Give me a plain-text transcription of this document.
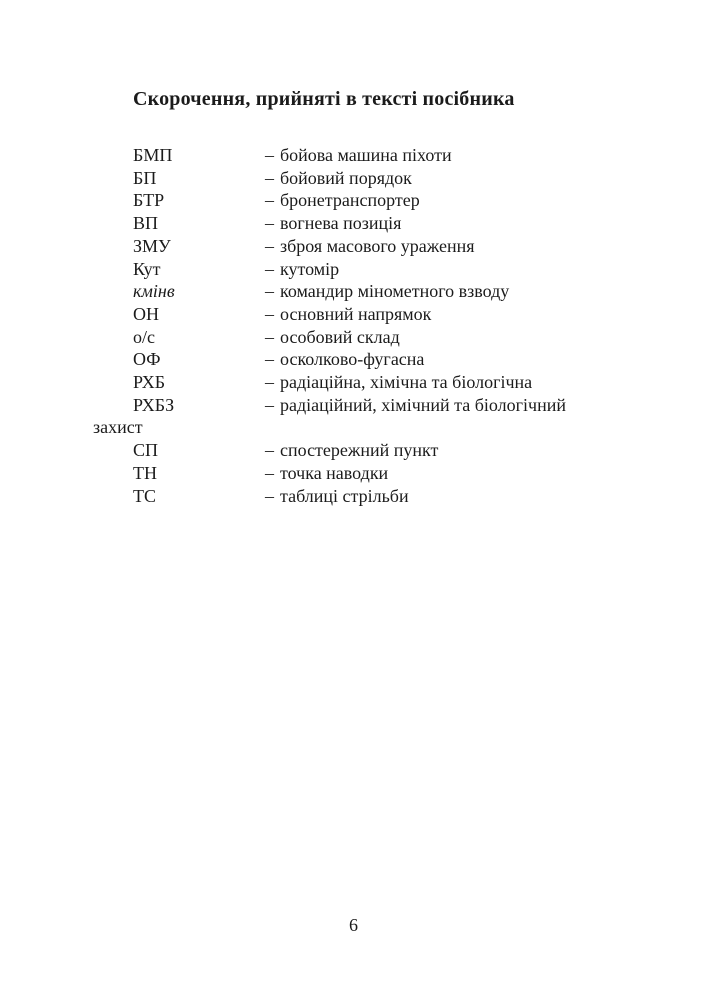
Скорочення, прийняті в тексті посібника

БМП	– бойова машина піхоти

БП	– бойовий порядок

БТР	– бронетранспортер

ВП	– вогнева позиція

ЗМУ	– зброя масового ураження

Кут	– кутомір

кмінв	– командир мінометного взводу

ОН	– основний напрямок

о/с	– особовий склад

ОФ	– осколково-фугасна

РХБ	– радіаційна, хімічна та біологічна

РХБЗ	– радіаційний, хімічний та біологічний

захист

СП	– спостережний пункт

ТН	– точка наводки

ТС	– таблиці стрільби

6
